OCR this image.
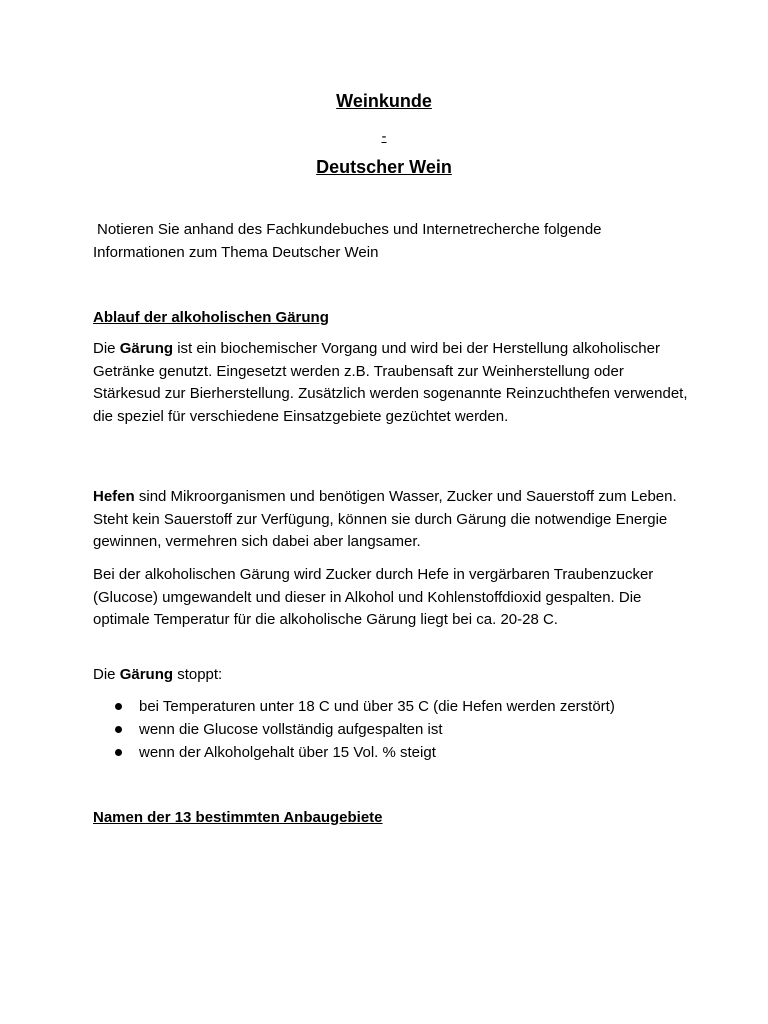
Weinkunde
-
Deutscher Wein

Notieren Sie anhand des Fachkundebuches und Internetrecherche folgende
Informationen zum Thema Deutscher Wein

Ablauf der alkoholischen Gärung

Die Gärung ist ein biochemischer Vorgang und wird bei der Herstellung alkoholischer Getränke genutzt. Eingesetzt werden z.B. Traubensaft zur Weinherstellung oder Stärkesud zur Bierherstellung. Zusätzlich werden sogenannte Reinzuchthefen verwendet, die speziel für verschiedene Einsatzgebiete gezüchtet werden.

Hefen sind Mikroorganismen und benötigen Wasser, Zucker und Sauerstoff zum Leben. Steht kein Sauerstoff zur Verfügung, können sie durch Gärung die notwendige Energie gewinnen, vermehren sich dabei aber langsamer.

Bei der alkoholischen Gärung wird Zucker durch Hefe in vergärbaren Traubenzucker (Glucose) umgewandelt und dieser in Alkohol und Kohlenstoffdioxid gespalten. Die optimale Temperatur für die alkoholische Gärung liegt bei ca. 20-28 C.

Die Gärung stoppt:

bei Temperaturen unter 18 C und über 35 C (die Hefen werden zerstört)
wenn die Glucose vollständig aufgespalten ist
wenn der Alkoholgehalt über 15 Vol. % steigt
Namen der 13 bestimmten Anbaugebiete
